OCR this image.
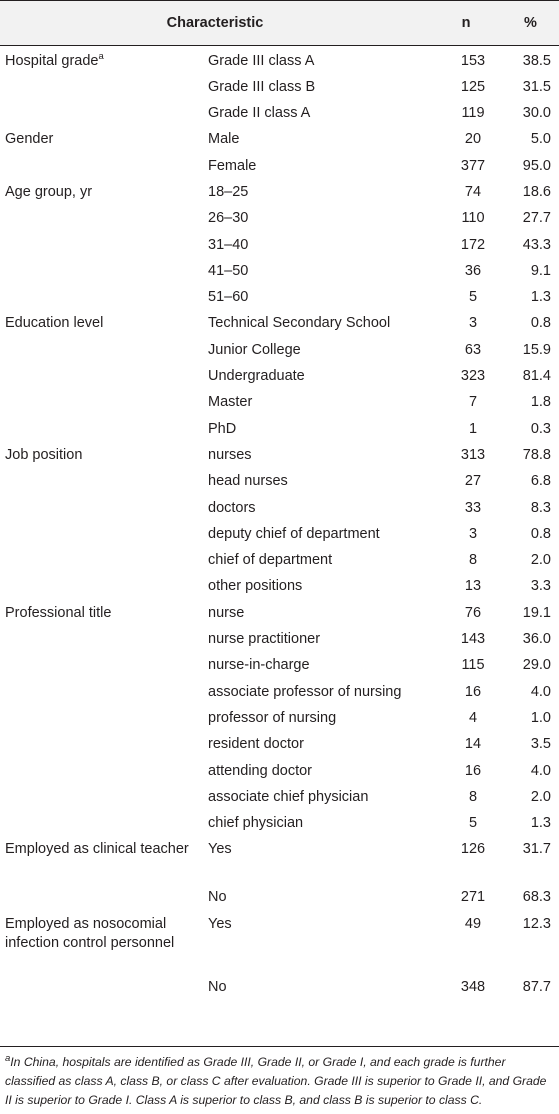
Characteristic		n	%
Hospital grade$^a$	Grade III class A	153	38.5
	Grade III class B	125	31.5
	Grade II class A	119	30.0
Gender	Male	20	5.0
	Female	377	95.0
Age group, yr	18–25	74	18.6
	26–30	110	27.7
	31–40	172	43.3
	41–50	36	9.1
	51–60	5	1.3
Education level	Technical Secondary School	3	0.8
	Junior College	63	15.9
	Undergraduate	323	81.4
	Master	7	1.8
	PhD	1	0.3
Job position	nurses	313	78.8
	head nurses	27	6.8
	doctors	33	8.3
	deputy chief of department	3	0.8
	chief of department	8	2.0
	other positions	13	3.3
Professional title	nurse	76	19.1
	nurse practitioner	143	36.0
	nurse-in-charge	115	29.0
	associate professor of nursing	16	4.0
	professor of nursing	4	1.0
	resident doctor	14	3.5
	attending doctor	16	4.0
	associate chief physician	8	2.0
	chief physician	5	1.3
Employed as clinical teacher	Yes	126	31.7
	No	271	68.3
Employed as nosocomial infection control personnel	Yes	49	12.3
	No	348	87.7
$^a$In China, hospitals are identified as Grade III, Grade II, or Grade I, and each grade is further classified as class A, class B, or class C after evaluation. Grade III is superior to Grade II, and Grade II is superior to Grade I. Class A is superior to class B, and class B is superior to class C.
